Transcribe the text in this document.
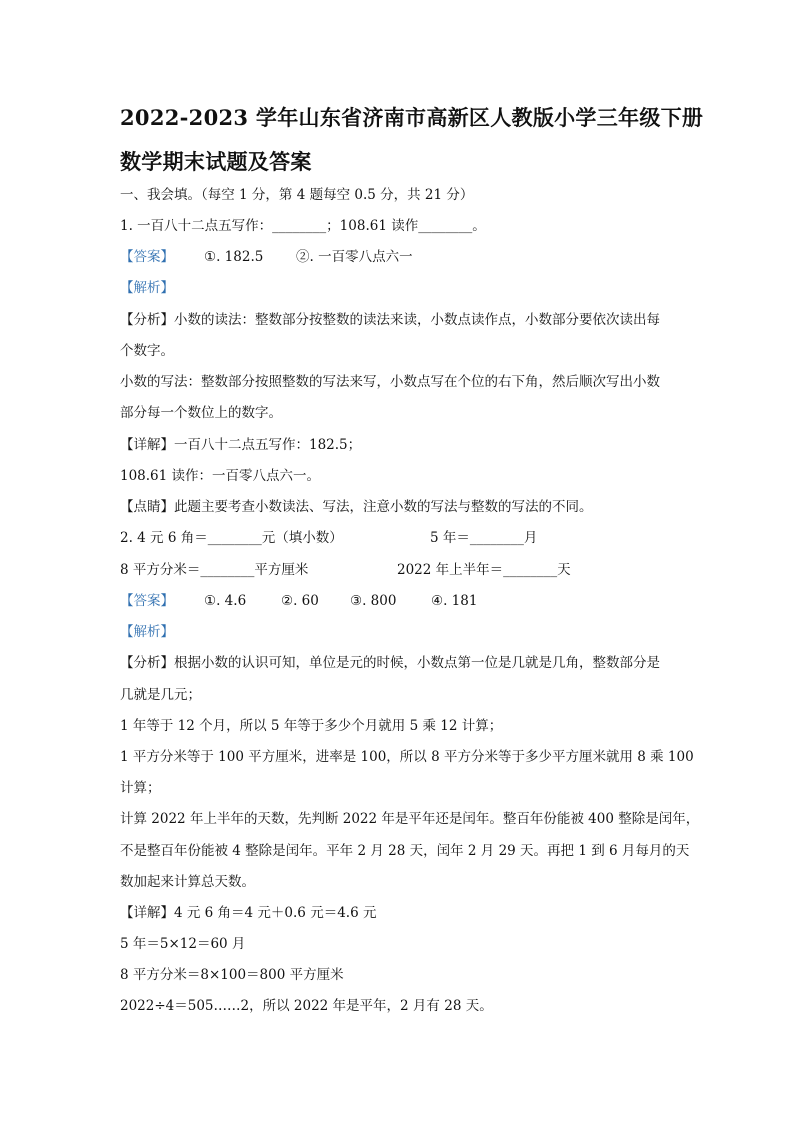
2022-2023 学年山东省济南市高新区人教版小学三年级下册
数学期末试题及答案
一、我会填。（每空 1 分，第 4 题每空 0.5 分，共 21 分）
1. 一百八十二点五写作：________；108.61 读作________。
【答案】 ①. 182.5 ②. 一百零八点六一
【解析】
【分析】小数的读法：整数部分按整数的读法来读，小数点读作点，小数部分要依次读出每
个数字。
小数的写法：整数部分按照整数的写法来写，小数点写在个位的右下角，然后顺次写出小数
部分每一个数位上的数字。
【详解】一百八十二点五写作：182.5；
108.61 读作：一百零八点六一。
【点睛】此题主要考查小数读法、写法，注意小数的写法与整数的写法的不同。
2. 4 元 6 角＝________元（填小数）	5 年＝________月
8 平方分米＝________平方厘米	2022 年上半年＝________天
【答案】 ①. 4.6	②. 60 ③. 800	④. 181
【解析】
【分析】根据小数的认识可知，单位是元的时候，小数点第一位是几就是几角，整数部分是
几就是几元；
1 年等于 12 个月，所以 5 年等于多少个月就用 5 乘 12 计算；
1 平方分米等于 100 平方厘米，进率是 100，所以 8 平方分米等于多少平方厘米就用 8 乘 100
计算；
计算 2022 年上半年的天数，先判断 2022 年是平年还是闰年。整百年份能被 400 整除是闰年，
不是整百年份能被 4 整除是闰年。平年 2 月 28 天，闰年 2 月 29 天。再把 1 到 6 月每月的天
数加起来计算总天数。
【详解】4 元 6 角＝4 元＋0.6 元＝4.6 元
5 年＝5×12＝60 月
8 平方分米＝8×100＝800 平方厘米
2022÷4＝505……2，所以 2022 年是平年，2 月有 28 天。
